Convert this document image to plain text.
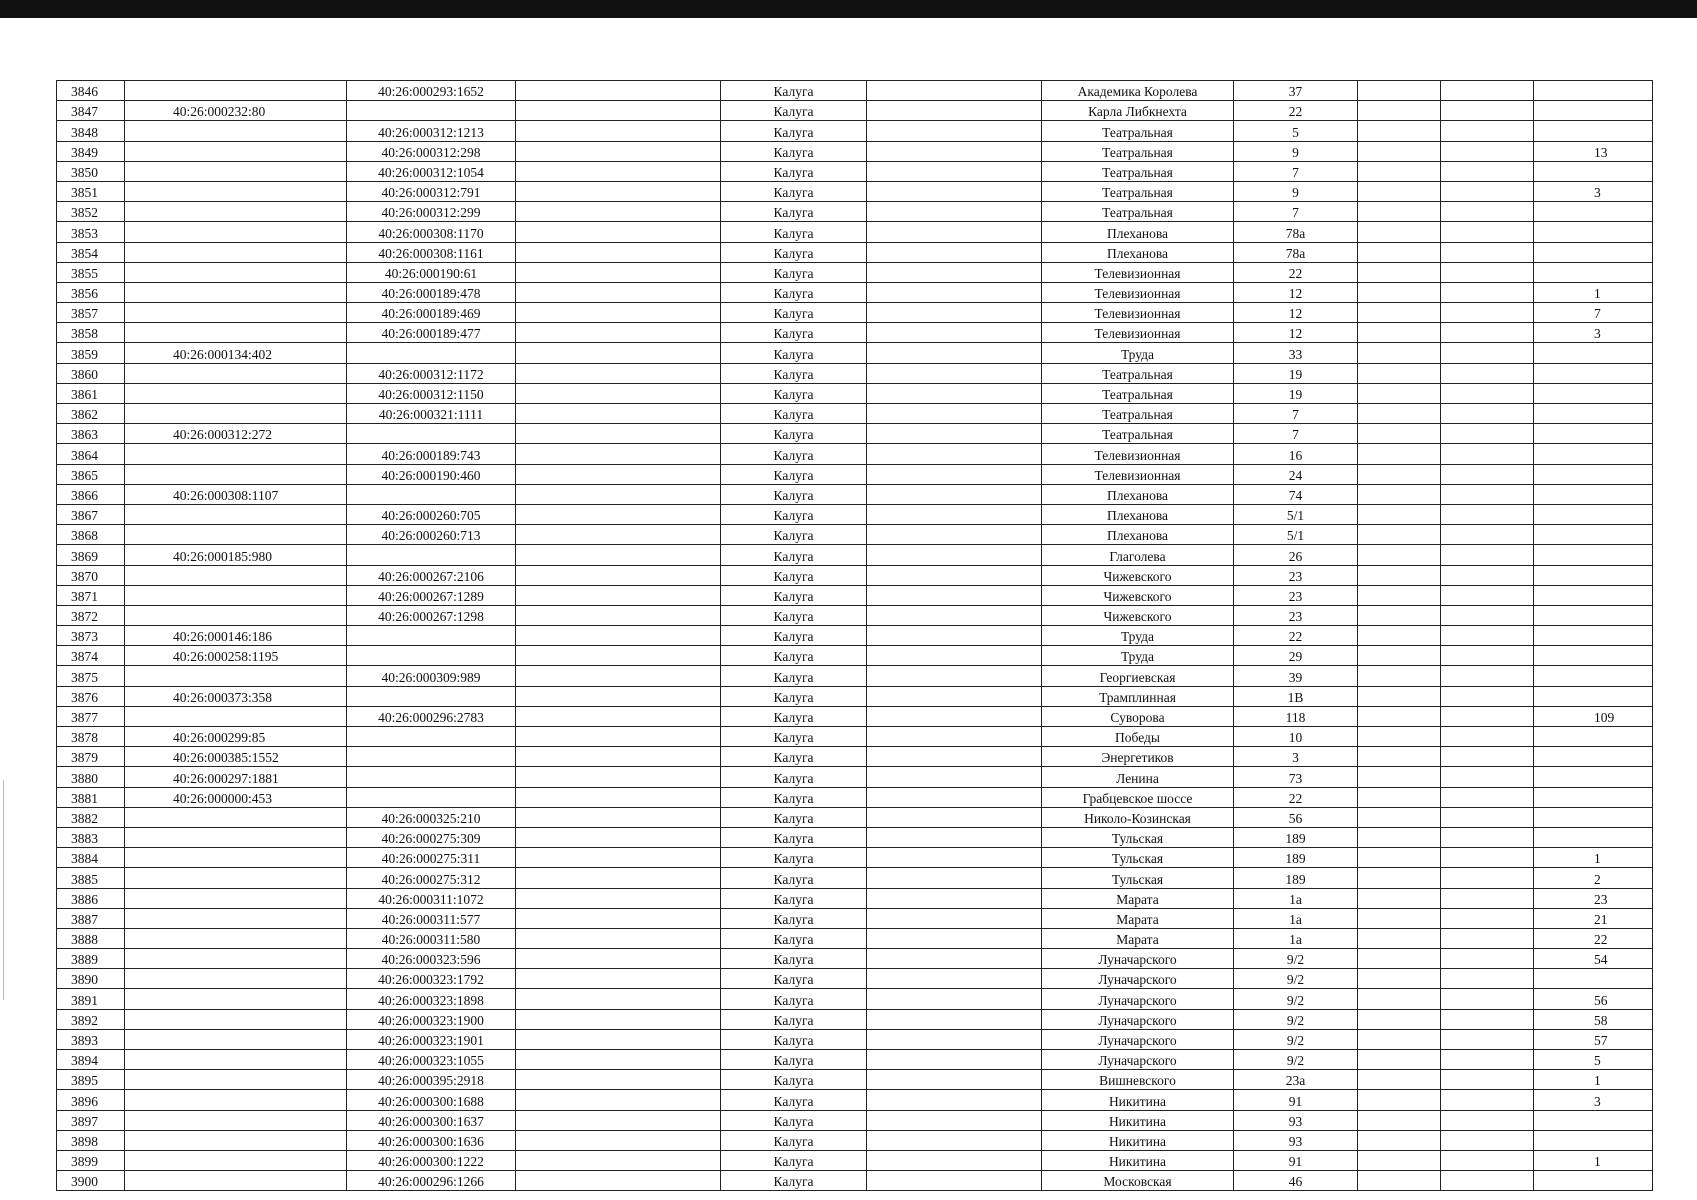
3846		40:26:000293:1652		Калуга		Академика Королева	37			
3847	40:26:000232:80			Калуга		Карла Либкнехта	22			
3848		40:26:000312:1213		Калуга		Театральная	5			
3849		40:26:000312:298		Калуга		Театральная	9			13
3850		40:26:000312:1054		Калуга		Театральная	7			
3851		40:26:000312:791		Калуга		Театральная	9			3
3852		40:26:000312:299		Калуга		Театральная	7			
3853		40:26:000308:1170		Калуга		Плеханова	78а			
3854		40:26:000308:1161		Калуга		Плеханова	78а			
3855		40:26:000190:61		Калуга		Телевизионная	22			
3856		40:26:000189:478		Калуга		Телевизионная	12			1
3857		40:26:000189:469		Калуга		Телевизионная	12			7
3858		40:26:000189:477		Калуга		Телевизионная	12			3
3859	40:26:000134:402			Калуга		Труда	33			
3860		40:26:000312:1172		Калуга		Театральная	19			
3861		40:26:000312:1150		Калуга		Театральная	19			
3862		40:26:000321:1111		Калуга		Театральная	7			
3863	40:26:000312:272			Калуга		Театральная	7			
3864		40:26:000189:743		Калуга		Телевизионная	16			
3865		40:26:000190:460		Калуга		Телевизионная	24			
3866	40:26:000308:1107			Калуга		Плеханова	74			
3867		40:26:000260:705		Калуга		Плеханова	5/1			
3868		40:26:000260:713		Калуга		Плеханова	5/1			
3869	40:26:000185:980			Калуга		Глаголева	26			
3870		40:26:000267:2106		Калуга		Чижевского	23			
3871		40:26:000267:1289		Калуга		Чижевского	23			
3872		40:26:000267:1298		Калуга		Чижевского	23			
3873	40:26:000146:186			Калуга		Труда	22			
3874	40:26:000258:1195			Калуга		Труда	29			
3875		40:26:000309:989		Калуга		Георгиевская	39			
3876	40:26:000373:358			Калуга		Трамплинная	1В			
3877		40:26:000296:2783		Калуга		Суворова	118			109
3878	40:26:000299:85			Калуга		Победы	10			
3879	40:26:000385:1552			Калуга		Энергетиков	3			
3880	40:26:000297:1881			Калуга		Ленина	73			
3881	40:26:000000:453			Калуга		Грабцевское шоссе	22			
3882		40:26:000325:210		Калуга		Николо-Козинская	56			
3883		40:26:000275:309		Калуга		Тульская	189			
3884		40:26:000275:311		Калуга		Тульская	189			1
3885		40:26:000275:312		Калуга		Тульская	189			2
3886		40:26:000311:1072		Калуга		Марата	1а			23
3887		40:26:000311:577		Калуга		Марата	1а			21
3888		40:26:000311:580		Калуга		Марата	1а			22
3889		40:26:000323:596		Калуга		Луначарского	9/2			54
3890		40:26:000323:1792		Калуга		Луначарского	9/2			
3891		40:26:000323:1898		Калуга		Луначарского	9/2			56
3892		40:26:000323:1900		Калуга		Луначарского	9/2			58
3893		40:26:000323:1901		Калуга		Луначарского	9/2			57
3894		40:26:000323:1055		Калуга		Луначарского	9/2			5
3895		40:26:000395:2918		Калуга		Вишневского	23а			1
3896		40:26:000300:1688		Калуга		Никитина	91			3
3897		40:26:000300:1637		Калуга		Никитина	93			
3898		40:26:000300:1636		Калуга		Никитина	93			
3899		40:26:000300:1222		Калуга		Никитина	91			1
3900		40:26:000296:1266		Калуга		Московская	46			
